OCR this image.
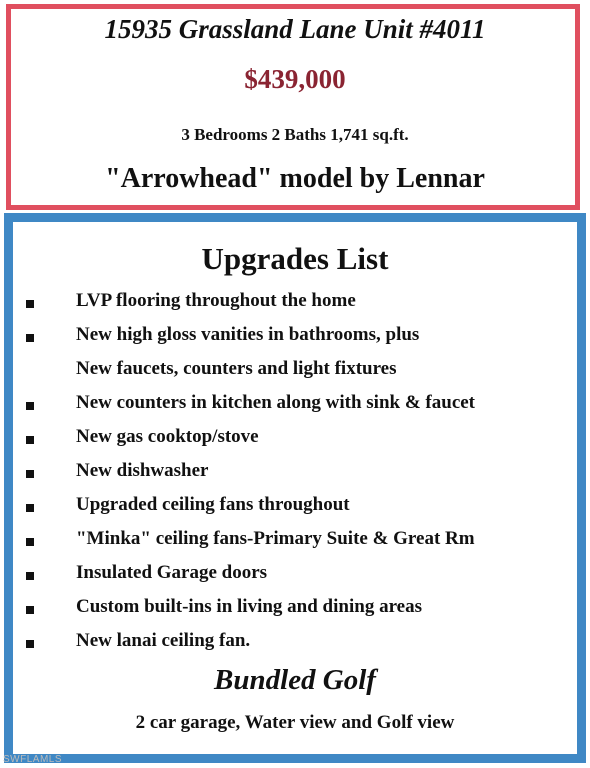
15935 Grassland Lane Unit #4011
$439,000
3 Bedrooms 2 Baths 1,741 sq.ft.
"Arrowhead" model by Lennar
Upgrades List
LVP flooring throughout the home
New high gloss vanities in bathrooms, plus
New faucets, counters and light fixtures
New counters in kitchen along with sink & faucet
New gas cooktop/stove
New dishwasher
Upgraded ceiling fans throughout
"Minka" ceiling fans-Primary Suite & Great Rm
Insulated Garage doors
Custom built-ins in living and dining areas
New lanai ceiling fan.
Bundled Golf
2 car garage, Water view and Golf view
SWFLAMLS
